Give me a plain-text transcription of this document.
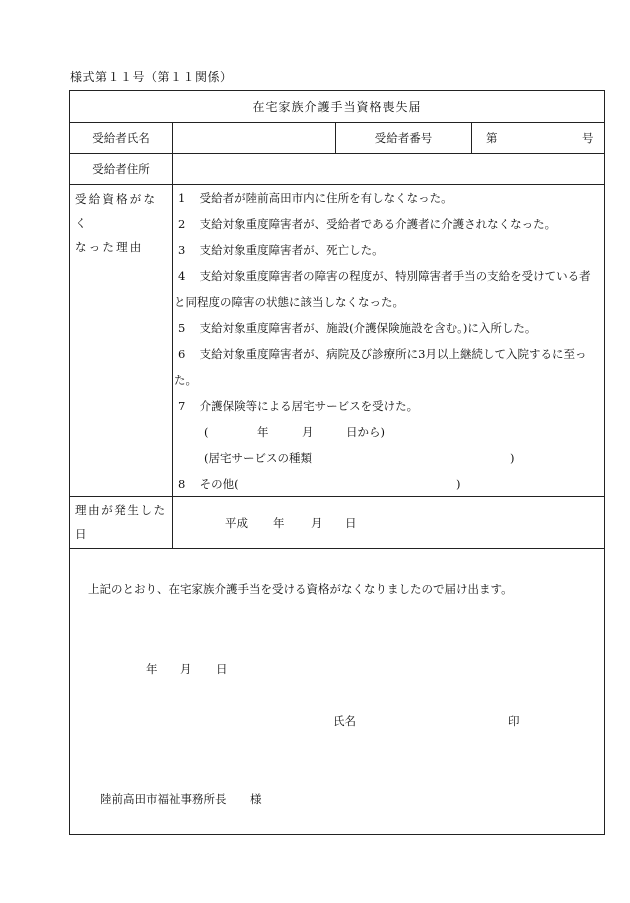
様式第１１号（第１１関係）
在宅家族介護手当資格喪失届
受給者氏名	受給者番号	第	号
受給者住所
受給資格がなく
なった理由
1 受給者が陸前高田市内に住所を有しなくなった。
2 支給対象重度障害者が、受給者である介護者に介護されなくなった。
3 支給対象重度障害者が、死亡した。
4 支給対象重度障害者の障害の程度が、特別障害者手当の支給を受けている者
と同程度の障害の状態に該当しなくなった。
5 支給対象重度障害者が、施設(介護保険施設を含む。)に入所した。
6 支給対象重度障害者が、病院及び診療所に3月以上継続して入院するに至っ
た。
7 介護保険等による居宅サービスを受けた。
(	年	月	日から)
(居宅サービスの種類	)
8 その他(	)
理由が発生した
日
平成 年 月 日
上記のとおり、在宅家族介護手当を受ける資格がなくなりましたので届け出ます。
年 月 日
氏名	印
陸前高田市福祉事務所長 様
